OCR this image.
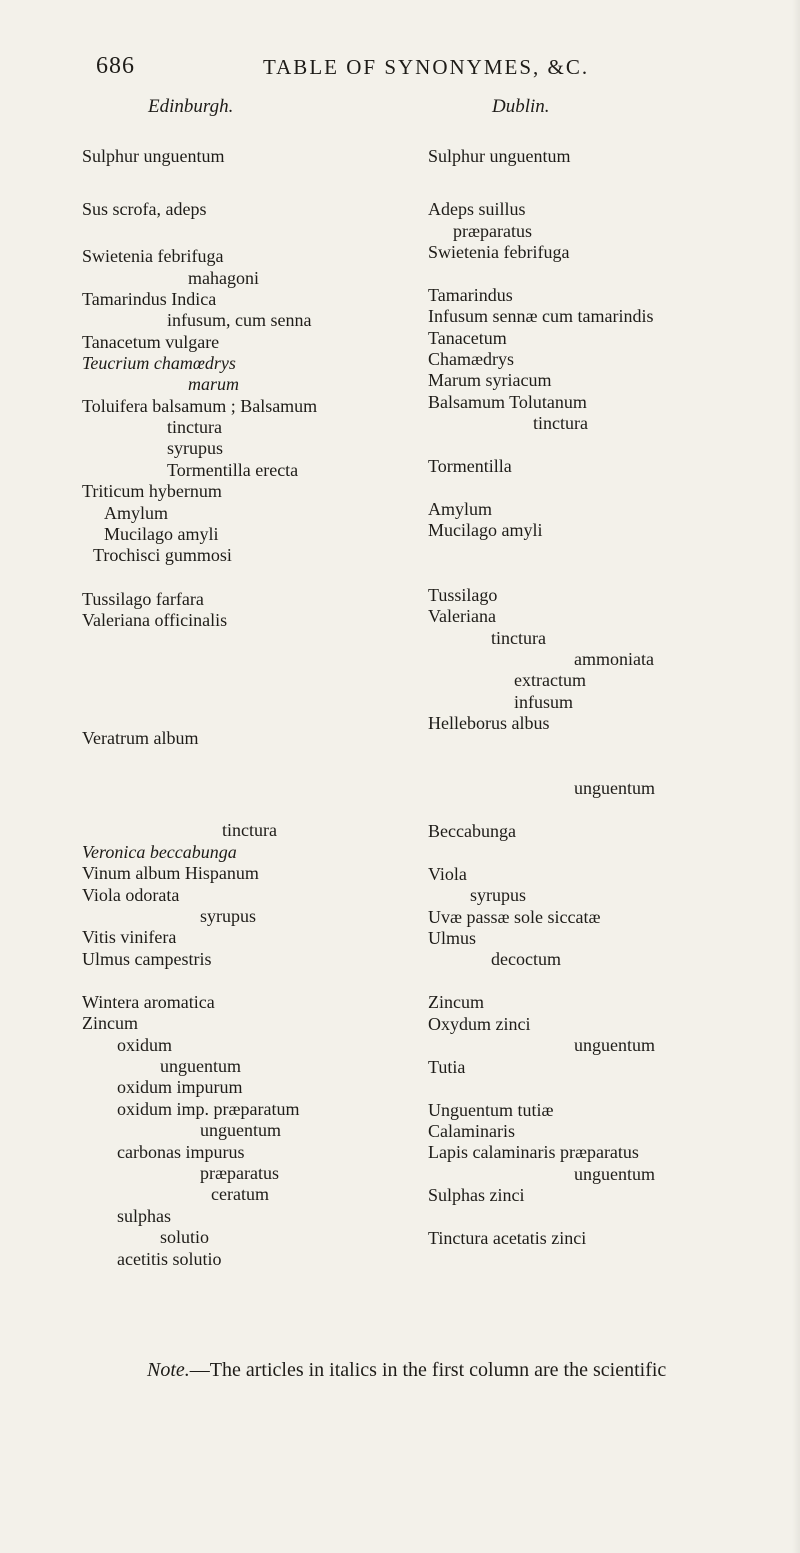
686	TABLE OF SYNONYMES, &C.
Edinburgh.	Dublin.
Sulphur unguentum
Sus scrofa, adeps
Swietenia febrifuga
mahagoni
Tamarindus Indica
infusum, cum senna
Tanacetum vulgare
Teucrium chamœdrys
marum
Toluifera balsamum ; Balsamum
tinctura
syrupus
Tormentilla erecta
Triticum hybernum
Amylum
Mucilago amyli
Trochisci gummosi
Tussilago farfara
Valeriana officinalis
Veratrum album
tinctura
Veronica beccabunga
Vinum album Hispanum
Viola odorata
syrupus
Vitis vinifera
Ulmus campestris
Wintera aromatica
Zincum
oxidum
unguentum
oxidum impurum
oxidum imp. præparatum
unguentum
carbonas impurus
præparatus
ceratum
sulphas
solutio
acetitis solutio
Sulphur unguentum
Adeps suillus
præparatus
Swietenia febrifuga
Tamarindus
Infusum sennæ cum tamarindis
Tanacetum
Chamædrys
Marum syriacum
Balsamum Tolutanum
tinctura
Tormentilla
Amylum
Mucilago amyli
Tussilago
Valeriana
tinctura
ammoniata
extractum
infusum
Helleborus albus
unguentum
Beccabunga
Viola
syrupus
Uvæ passæ sole siccatæ
Ulmus
decoctum
Zincum
Oxydum zinci
unguentum
Tutia
Unguentum tutiæ
Calaminaris
Lapis calaminaris præparatus
unguentum
Sulphas zinci
Tinctura acetatis zinci
Note.—The articles in italics in the first column are the scientific
